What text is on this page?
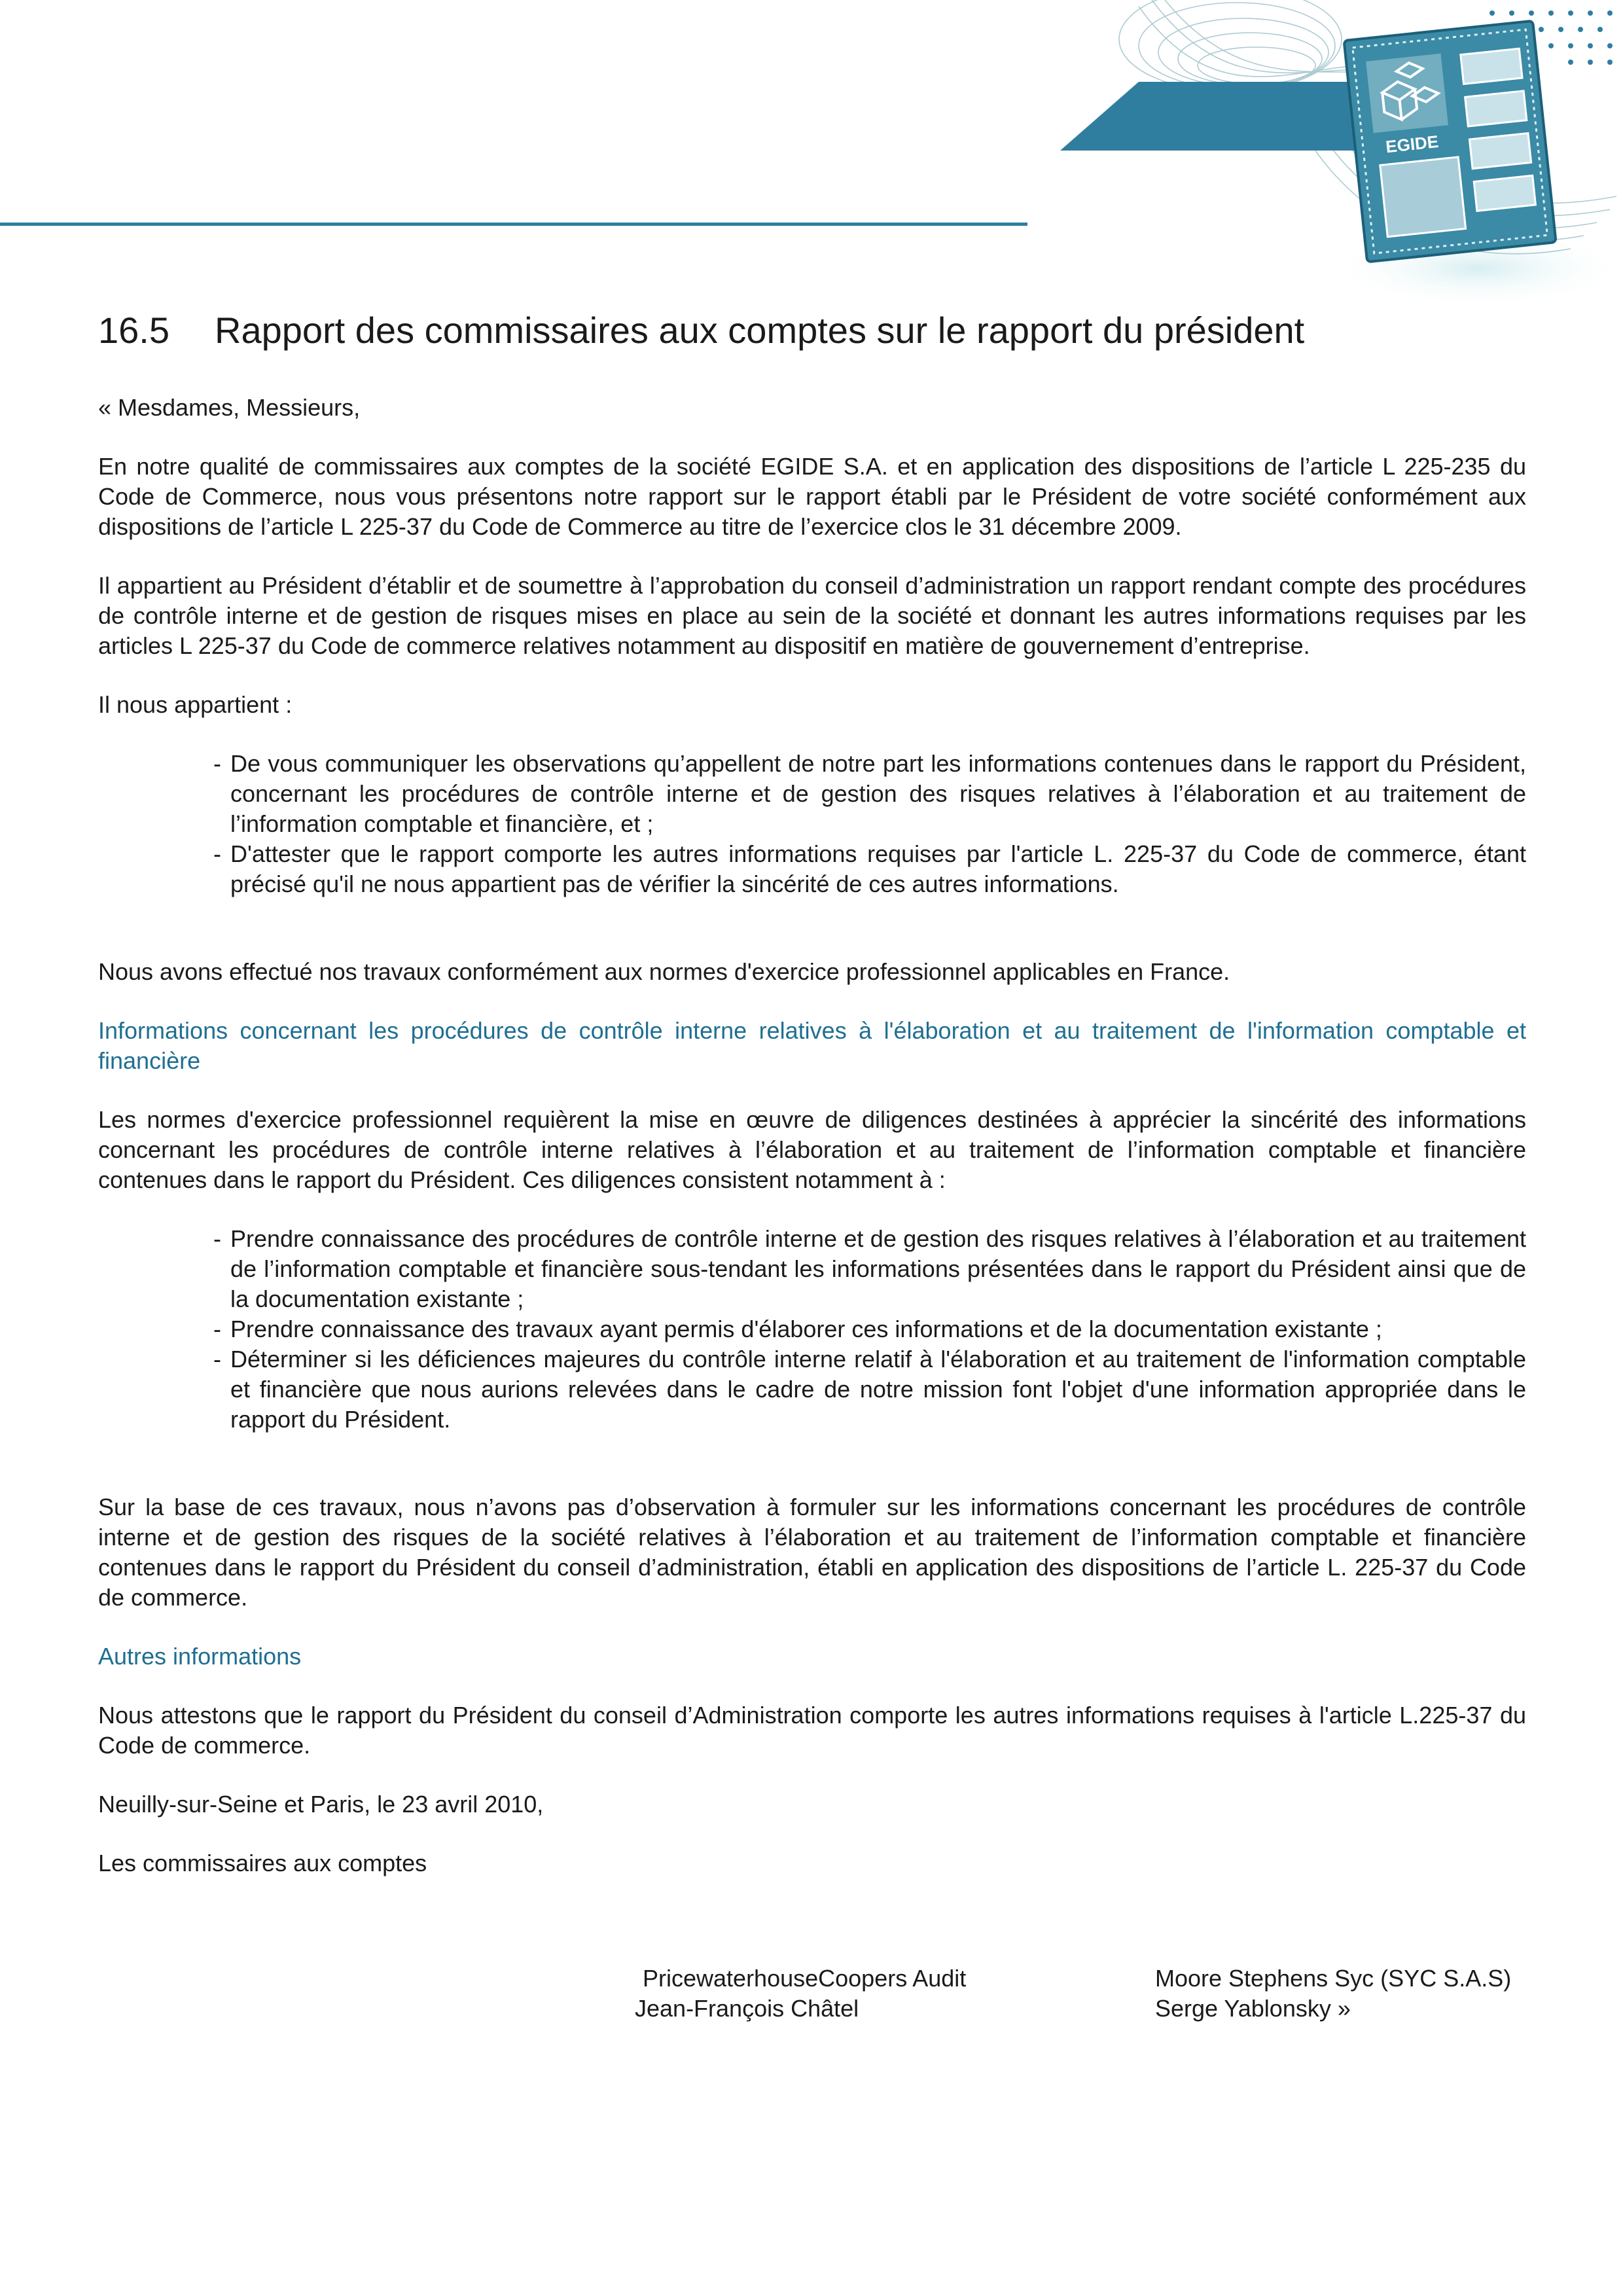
EGIDE
16.5 Rapport des commissaires aux comptes sur le rapport du président

« Mesdames, Messieurs,

En notre qualité de commissaires aux comptes de la société EGIDE S.A. et en application des dispositions de l’article L 225-235 du Code de Commerce, nous vous présentons notre rapport sur le rapport établi par le Président de votre société conformément aux dispositions de l’article L 225-37 du Code de Commerce au titre de l’exercice clos le 31 décembre 2009.

Il appartient au Président d’établir et de soumettre à l’approbation du conseil d’administration un rapport rendant compte des procédures de contrôle interne et de gestion de risques mises en place au sein de la société et donnant les autres informations requises par les articles L 225-37 du Code de commerce relatives notamment au dispositif en matière de gouvernement d’entreprise.

Il nous appartient :

- De vous communiquer les observations qu’appellent de notre part les informations contenues dans le rapport du Président, concernant les procédures de contrôle interne et de gestion des risques relatives à l’élaboration et au traitement de l’information comptable et financière, et ;
- D'attester que le rapport comporte les autres informations requises par l'article L. 225-37 du Code de commerce, étant précisé qu'il ne nous appartient pas de vérifier la sincérité de ces autres informations.

Nous avons effectué nos travaux conformément aux normes d'exercice professionnel applicables en France.

Informations concernant les procédures de contrôle interne relatives à l'élaboration et au traitement de l'information comptable et financière

Les normes d'exercice professionnel requièrent la mise en œuvre de diligences destinées à apprécier la sincérité des informations concernant les procédures de contrôle interne relatives à l’élaboration et au traitement de l’information comptable et financière contenues dans le rapport du Président. Ces diligences consistent notamment à :

- Prendre connaissance des procédures de contrôle interne et de gestion des risques relatives à l’élaboration et au traitement de l’information comptable et financière sous-tendant les informations présentées dans le rapport du Président ainsi que de la documentation existante ;
- Prendre connaissance des travaux ayant permis d'élaborer ces informations et de la documentation existante ;
- Déterminer si les déficiences majeures du contrôle interne relatif à l'élaboration et au traitement de l'information comptable et financière que nous aurions relevées dans le cadre de notre mission font l'objet d'une information appropriée dans le rapport du Président.

Sur la base de ces travaux, nous n’avons pas d’observation à formuler sur les informations concernant les procédures de contrôle interne et de gestion des risques de la société relatives à l’élaboration et au traitement de l’information comptable et financière contenues dans le rapport du Président du conseil d’administration, établi en application des dispositions de l’article L. 225-37 du Code de commerce.

Autres informations

Nous attestons que le rapport du Président du conseil d’Administration comporte les autres informations requises à l'article L.225-37 du Code de commerce.

Neuilly-sur-Seine et Paris, le 23 avril 2010,

Les commissaires aux comptes

PricewaterhouseCoopers Audit
Jean-François Châtel
Moore Stephens Syc (SYC S.A.S)
Serge Yablonsky »
